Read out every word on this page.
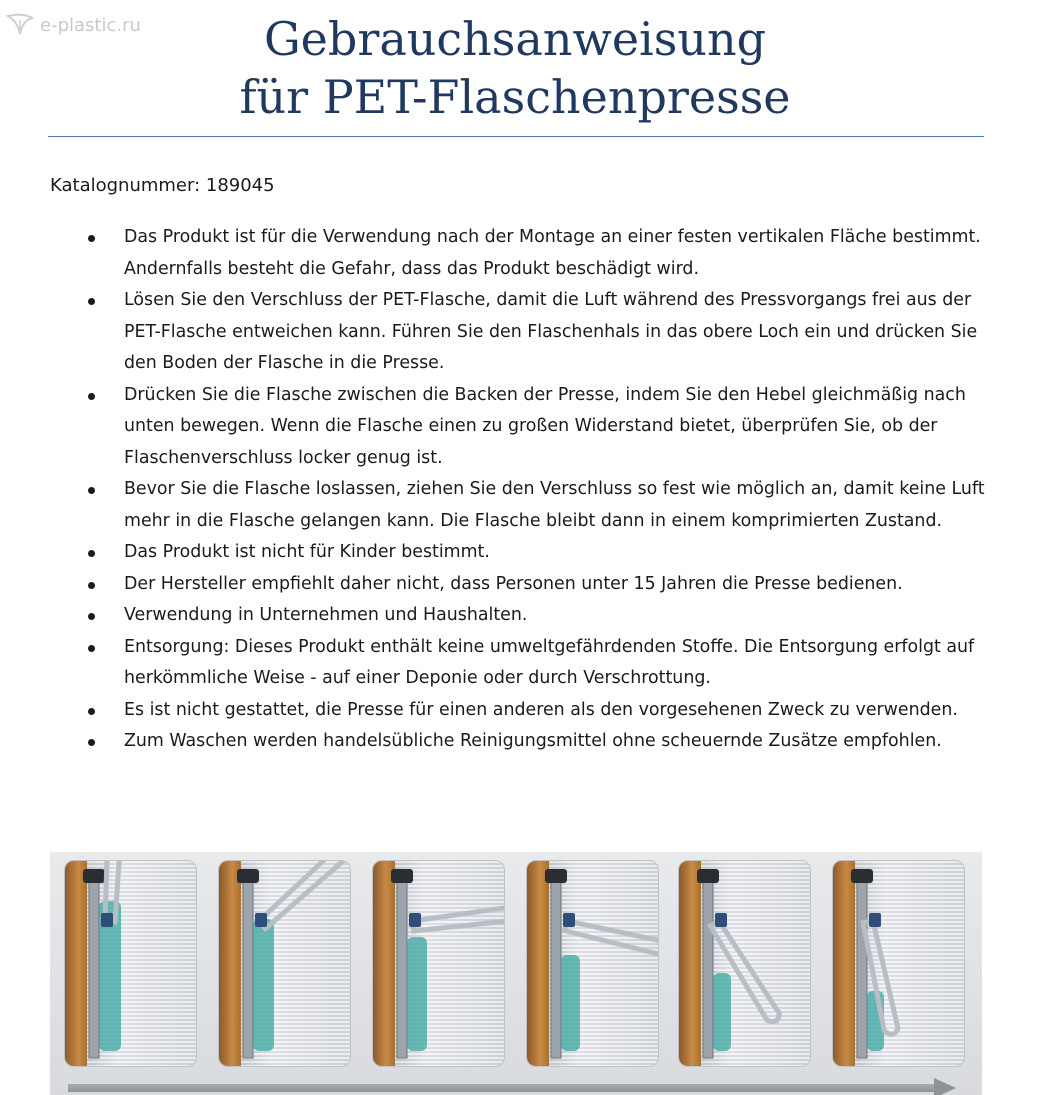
e-plastic.ru	Gebrauchsanweisung
für PET-Flaschenpresse
Katalognummer: 189045
Das Produkt ist für die Verwendung nach der Montage an einer festen vertikalen Fläche bestimmt. Andernfalls besteht die Gefahr, dass das Produkt beschädigt wird.
Lösen Sie den Verschluss der PET-Flasche, damit die Luft während des Pressvorgangs frei aus der PET-Flasche entweichen kann. Führen Sie den Flaschenhals in das obere Loch ein und drücken Sie den Boden der Flasche in die Presse.
Drücken Sie die Flasche zwischen die Backen der Presse, indem Sie den Hebel gleichmäßig nach unten bewegen. Wenn die Flasche einen zu großen Widerstand bietet, überprüfen Sie, ob der Flaschenverschluss locker genug ist.
Bevor Sie die Flasche loslassen, ziehen Sie den Verschluss so fest wie möglich an, damit keine Luft mehr in die Flasche gelangen kann. Die Flasche bleibt dann in einem komprimierten Zustand.
Das Produkt ist nicht für Kinder bestimmt.
Der Hersteller empfiehlt daher nicht, dass Personen unter 15 Jahren die Presse bedienen.
Verwendung in Unternehmen und Haushalten.
Entsorgung: Dieses Produkt enthält keine umweltgefährdenden Stoffe. Die Entsorgung erfolgt auf herkömmliche Weise - auf einer Deponie oder durch Verschrottung.
Es ist nicht gestattet, die Presse für einen anderen als den vorgesehenen Zweck zu verwenden.
Zum Waschen werden handelsübliche Reinigungsmittel ohne scheuernde Zusätze empfohlen.
